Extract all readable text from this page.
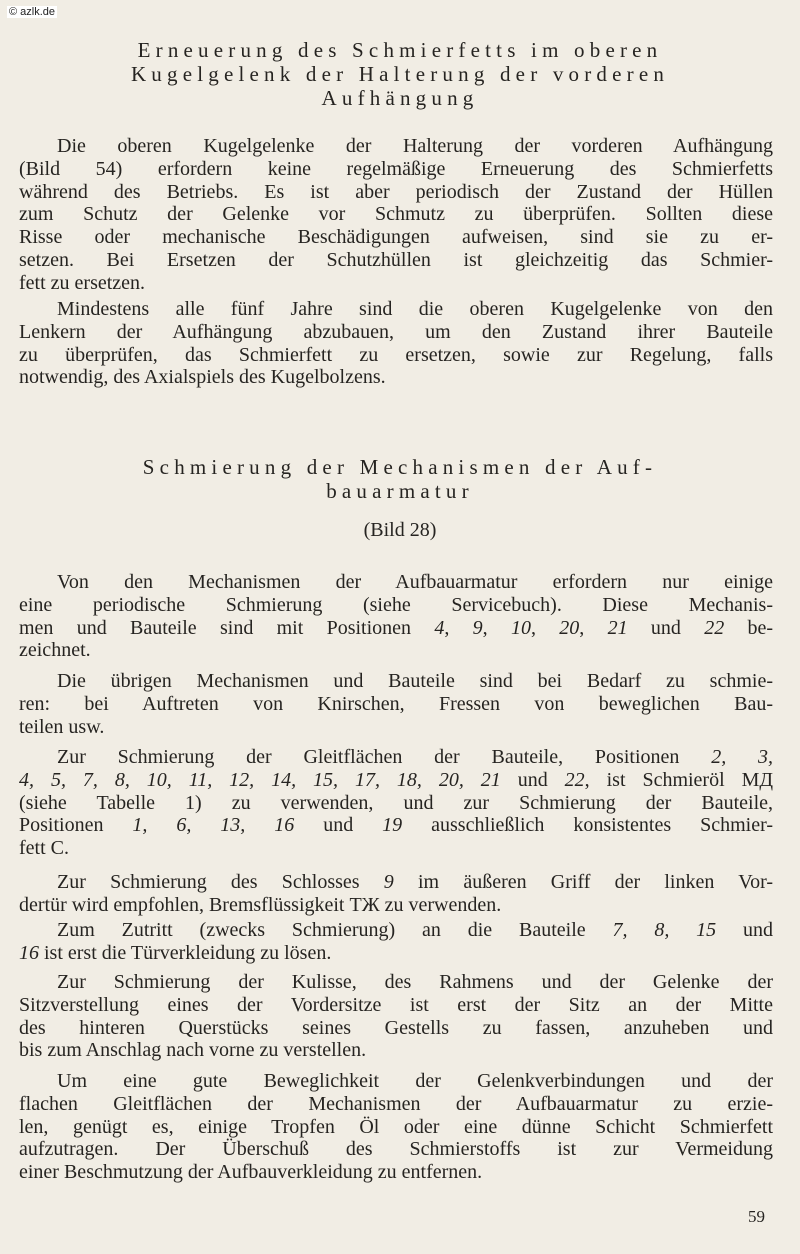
© azlk.de
Erneuerung des Schmierfetts im oberen
Kugelgelenk der Halterung der vorderen
Aufhängung
Die oberen Kugelgelenke der Halterung der vorderen Aufhängung
(Bild 54) erfordern keine regelmäßige Erneuerung des Schmierfetts
während des Betriebs. Es ist aber periodisch der Zustand der Hüllen
zum Schutz der Gelenke vor Schmutz zu überprüfen. Sollten diese
Risse oder mechanische Beschädigungen aufweisen, sind sie zu er-
setzen. Bei Ersetzen der Schutzhüllen ist gleichzeitig das Schmier-
fett zu ersetzen.
Mindestens alle fünf Jahre sind die oberen Kugelgelenke von den
Lenkern der Aufhängung abzubauen, um den Zustand ihrer Bauteile
zu überprüfen, das Schmierfett zu ersetzen, sowie zur Regelung, falls
notwendig, des Axialspiels des Kugelbolzens.
Schmierung der Mechanismen der Auf-
bauarmatur
(Bild 28)
Von den Mechanismen der Aufbauarmatur erfordern nur einige
eine periodische Schmierung (siehe Servicebuch). Diese Mechanis-
men und Bauteile sind mit Positionen 4, 9, 10, 20, 21 und 22 be-
zeichnet.
Die übrigen Mechanismen und Bauteile sind bei Bedarf zu schmie-
ren: bei Auftreten von Knirschen, Fressen von beweglichen Bau-
teilen usw.
Zur Schmierung der Gleitflächen der Bauteile, Positionen 2, 3,
4, 5, 7, 8, 10, 11, 12, 14, 15, 17, 18, 20, 21 und 22, ist Schmieröl МД
(siehe Tabelle 1) zu verwenden, und zur Schmierung der Bauteile,
Positionen 1, 6, 13, 16 und 19 ausschließlich konsistentes Schmier-
fett C.
Zur Schmierung des Schlosses 9 im äußeren Griff der linken Vor-
dertür wird empfohlen, Bremsflüssigkeit ТЖ zu verwenden.
Zum Zutritt (zwecks Schmierung) an die Bauteile 7, 8, 15 und
16 ist erst die Türverkleidung zu lösen.
Zur Schmierung der Kulisse, des Rahmens und der Gelenke der
Sitzverstellung eines der Vordersitze ist erst der Sitz an der Mitte
des hinteren Querstücks seines Gestells zu fassen, anzuheben und
bis zum Anschlag nach vorne zu verstellen.
Um eine gute Beweglichkeit der Gelenkverbindungen und der
flachen Gleitflächen der Mechanismen der Aufbauarmatur zu erzie-
len, genügt es, einige Tropfen Öl oder eine dünne Schicht Schmierfett
aufzutragen. Der Überschuß des Schmierstoffs ist zur Vermeidung
einer Beschmutzung der Aufbauverkleidung zu entfernen.
59
